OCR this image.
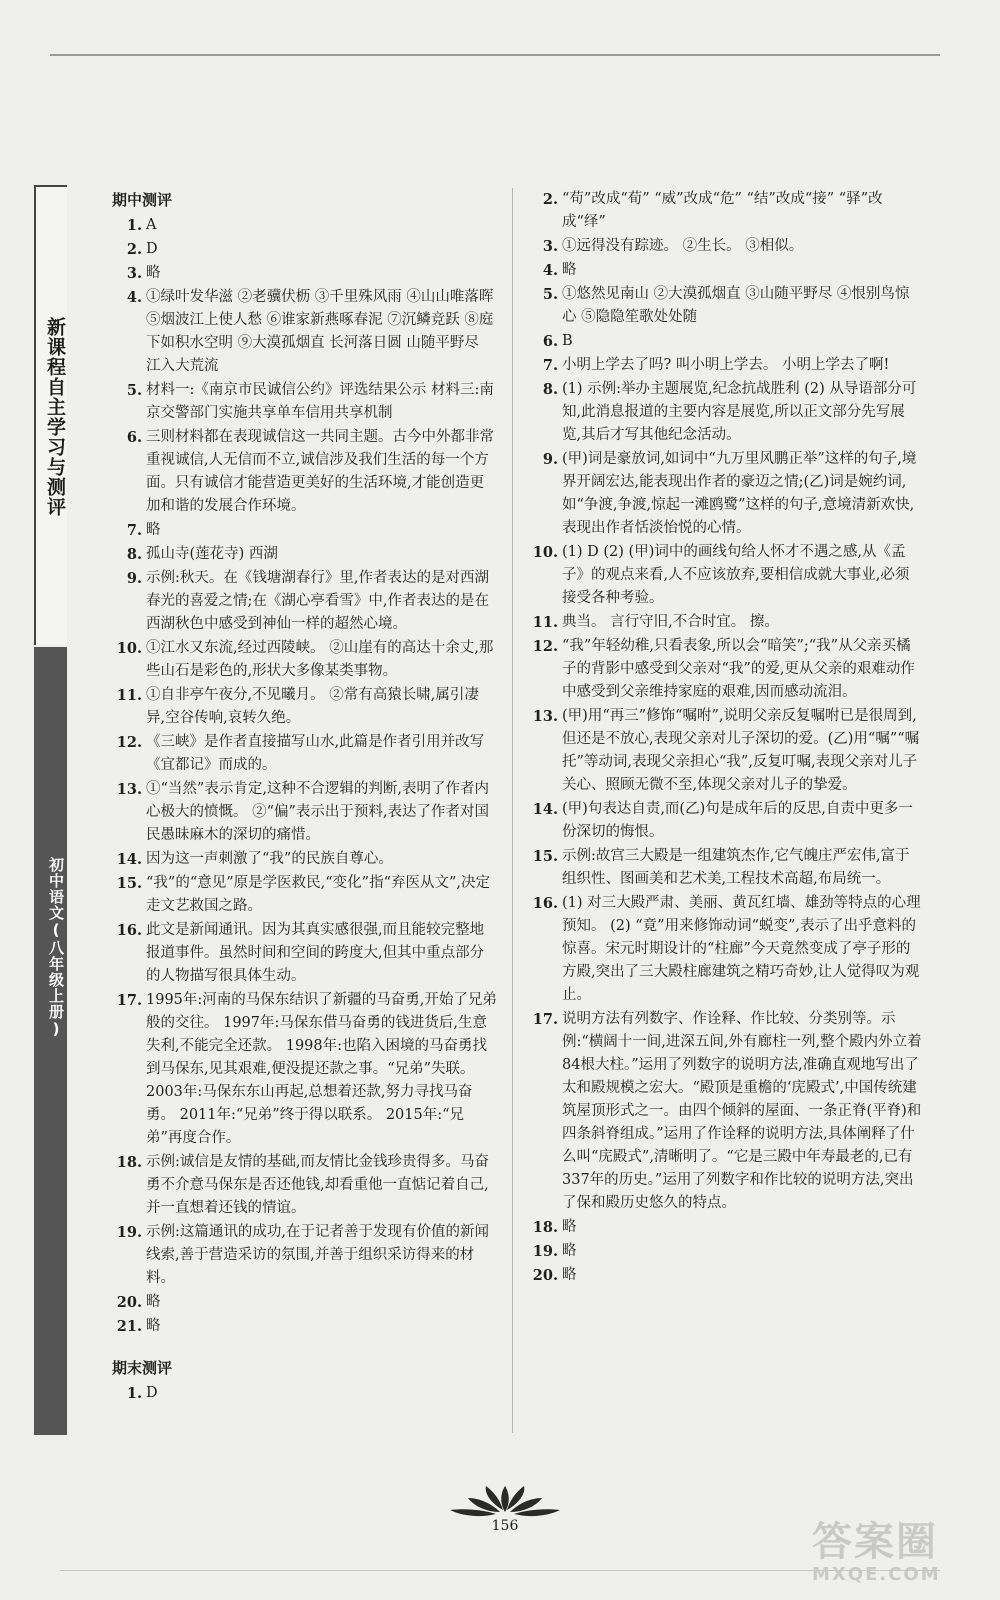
新课程自主学习与测评
初中语文(八年级上册)
期中测评
1 . A
2 . D
3 . 略
4 . ①绿叶发华滋 ②老骥伏枥 ③千里殊风雨 ④山山唯落晖 ⑤烟波江上使人愁 ⑥谁家新燕啄春泥 ⑦沉鳞竞跃 ⑧庭下如积水空明 ⑨大漠孤烟直 长河落日圆 山随平野尽 江入大荒流
5 . 材料一:《南京市民诚信公约》评选结果公示 材料三:南京交警部门实施共享单车信用共享机制
6 . 三则材料都在表现诚信这一共同主题。古今中外都非常重视诚信,人无信而不立,诚信涉及我们生活的每一个方面。只有诚信才能营造更美好的生活环境,才能创造更加和谐的发展合作环境。
7 . 略
8 . 孤山寺(莲花寺) 西湖
9 . 示例:秋天。在《钱塘湖春行》里,作者表达的是对西湖春光的喜爱之情;在《湖心亭看雪》中,作者表达的是在西湖秋色中感受到神仙一样的超然心境。
10 . ①江水又东流,经过西陵峡。 ②山崖有的高达十余丈,那些山石是彩色的,形状大多像某类事物。
11 . ①自非亭午夜分,不见曦月。 ②常有高猿长啸,属引凄异,空谷传响,哀转久绝。
12 . 《三峡》是作者直接描写山水,此篇是作者引用并改写《宜都记》而成的。
13 . ①“当然”表示肯定,这种不合逻辑的判断,表明了作者内心极大的愤慨。 ②“偏”表示出于预料,表达了作者对国民愚昧麻木的深切的痛惜。
14 . 因为这一声刺激了“我”的民族自尊心。
15 . “我”的“意见”原是学医救民,“变化”指“弃医从文”,决定走文艺救国之路。
16 . 此文是新闻通讯。因为其真实感很强,而且能较完整地报道事件。虽然时间和空间的跨度大,但其中重点部分的人物描写很具体生动。
17 . 1995年:河南的马保东结识了新疆的马奋勇,开始了兄弟般的交往。 1997年:马保东借马奋勇的钱进货后,生意失利,不能完全还款。 1998年:也陷入困境的马奋勇找到马保东,见其艰难,便没提还款之事。“兄弟”失联。 2003年:马保东东山再起,总想着还款,努力寻找马奋勇。 2011年:“兄弟”终于得以联系。 2015年:“兄弟”再度合作。
18 . 示例:诚信是友情的基础,而友情比金钱珍贵得多。马奋勇不介意马保东是否还他钱,却看重他一直惦记着自己,并一直想着还钱的情谊。
19 . 示例:这篇通讯的成功,在于记者善于发现有价值的新闻线索,善于营造采访的氛围,并善于组织采访得来的材料。
20 . 略
21 . 略
期末测评
1 . D
2 . “苟”改成“荀” “威”改成“危” “结”改成“接” “驿”改成“绎”
3 . ①远得没有踪迹。 ②生长。 ③相似。
4 . 略
5 . ①悠然见南山 ②大漠孤烟直 ③山随平野尽 ④恨别鸟惊心 ⑤隐隐笙歌处处随
6 . B
7 . 小明上学去了吗? 叫小明上学去。 小明上学去了啊!
8 . (1) 示例:举办主题展览,纪念抗战胜利 (2) 从导语部分可知,此消息报道的主要内容是展览,所以正文部分先写展览,其后才写其他纪念活动。
9 . (甲)词是豪放词,如词中“九万里风鹏正举”这样的句子,境界开阔宏达,能表现出作者的豪迈之情;(乙)词是婉约词,如“争渡,争渡,惊起一滩鸥鹭”这样的句子,意境清新欢快,表现出作者恬淡怡悦的心情。
10 . (1) D (2) (甲)词中的画线句给人怀才不遇之感,从《孟子》的观点来看,人不应该放弃,要相信成就大事业,必须接受各种考验。
11 . 典当。 言行守旧,不合时宜。 擦。
12 . “我”年轻幼稚,只看表象,所以会“暗笑”;“我”从父亲买橘子的背影中感受到父亲对“我”的爱,更从父亲的艰难动作中感受到父亲维持家庭的艰难,因而感动流泪。
13 . (甲)用“再三”修饰“嘱咐”,说明父亲反复嘱咐已是很周到,但还是不放心,表现父亲对儿子深切的爱。(乙)用“嘱”“嘱托”等动词,表现父亲担心“我”,反复叮嘱,表现父亲对儿子关心、照顾无微不至,体现父亲对儿子的挚爱。
14 . (甲)句表达自责,而(乙)句是成年后的反思,自责中更多一份深切的悔恨。
15 . 示例:故宫三大殿是一组建筑杰作,它气魄庄严宏伟,富于组织性、图画美和艺术美,工程技术高超,布局统一。
16 . (1) 对三大殿严肃、美丽、黄瓦红墙、雄劲等特点的心理预知。 (2) “竟”用来修饰动词“蜕变”,表示了出乎意料的惊喜。宋元时期设计的“柱廊”今天竟然变成了亭子形的方殿,突出了三大殿柱廊建筑之精巧奇妙,让人觉得叹为观止。
17 . 说明方法有列数字、作诠释、作比较、分类别等。示例:“横阔十一间,进深五间,外有廊柱一列,整个殿内外立着84根大柱。”运用了列数字的说明方法,准确直观地写出了太和殿规模之宏大。“殿顶是重檐的‘庑殿式’,中国传统建筑屋顶形式之一。由四个倾斜的屋面、一条正脊(平脊)和四条斜脊组成。”运用了作诠释的说明方法,具体阐释了什么叫“庑殿式”,清晰明了。“它是三殿中年寿最老的,已有337年的历史。”运用了列数字和作比较的说明方法,突出了保和殿历史悠久的特点。
18 . 略
19 . 略
20 . 略
156	答案圈
MXQE.COM
